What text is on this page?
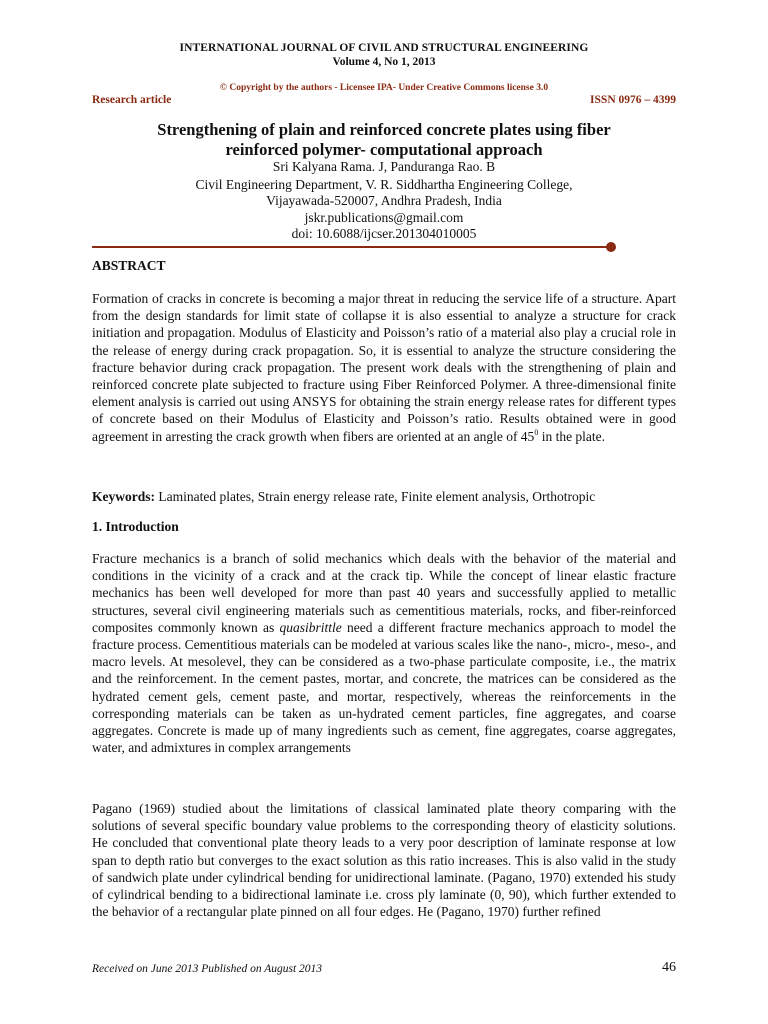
INTERNATIONAL JOURNAL OF CIVIL AND STRUCTURAL ENGINEERING
Volume 4, No 1, 2013
© Copyright by the authors - Licensee IPA- Under Creative Commons license 3.0
Research article	ISSN 0976 – 4399
Strengthening of plain and reinforced concrete plates using fiber
reinforced polymer- computational approach
Sri Kalyana Rama. J, Panduranga Rao. B
Civil Engineering Department, V. R. Siddhartha Engineering College,
Vijayawada-520007, Andhra Pradesh, India
jskr.publications@gmail.com
doi: 10.6088/ijcser.201304010005
ABSTRACT
Formation of cracks in concrete is becoming a major threat in reducing the service life of a structure. Apart from the design standards for limit state of collapse it is also essential to analyze a structure for crack initiation and propagation. Modulus of Elasticity and Poisson’s ratio of a material also play a crucial role in the release of energy during crack propagation. So, it is essential to analyze the structure considering the fracture behavior during crack propagation. The present work deals with the strengthening of plain and reinforced concrete plate subjected to fracture using Fiber Reinforced Polymer. A three-dimensional finite element analysis is carried out using ANSYS for obtaining the strain energy release rates for different types of concrete based on their Modulus of Elasticity and Poisson’s ratio. Results obtained were in good agreement in arresting the crack growth when fibers are oriented at an angle of $45^0$ in the plate.
Keywords: Laminated plates, Strain energy release rate, Finite element analysis, Orthotropic
1. Introduction
Fracture mechanics is a branch of solid mechanics which deals with the behavior of the material and conditions in the vicinity of a crack and at the crack tip. While the concept of linear elastic fracture mechanics has been well developed for more than past 40 years and successfully applied to metallic structures, several civil engineering materials such as cementitious materials, rocks, and fiber-reinforced composites commonly known as quasibrittle need a different fracture mechanics approach to model the fracture process. Cementitious materials can be modeled at various scales like the nano-, micro-, meso-, and macro levels. At mesolevel, they can be considered as a two-phase particulate composite, i.e., the matrix and the reinforcement. In the cement pastes, mortar, and concrete, the matrices can be considered as the hydrated cement gels, cement paste, and mortar, respectively, whereas the reinforcements in the corresponding materials can be taken as un-hydrated cement particles, fine aggregates, and coarse aggregates. Concrete is made up of many ingredients such as cement, fine aggregates, coarse aggregates, water, and admixtures in complex arrangements
Pagano (1969) studied about the limitations of classical laminated plate theory comparing with the solutions of several specific boundary value problems to the corresponding theory of elasticity solutions. He concluded that conventional plate theory leads to a very poor description of laminate response at low span to depth ratio but converges to the exact solution as this ratio increases. This is also valid in the study of sandwich plate under cylindrical bending for unidirectional laminate. (Pagano, 1970) extended his study of cylindrical bending to a bidirectional laminate i.e. cross ply laminate (0, 90), which further extended to the behavior of a rectangular plate pinned on all four edges. He (Pagano, 1970) further refined
Received on June 2013 Published on August 2013	46
